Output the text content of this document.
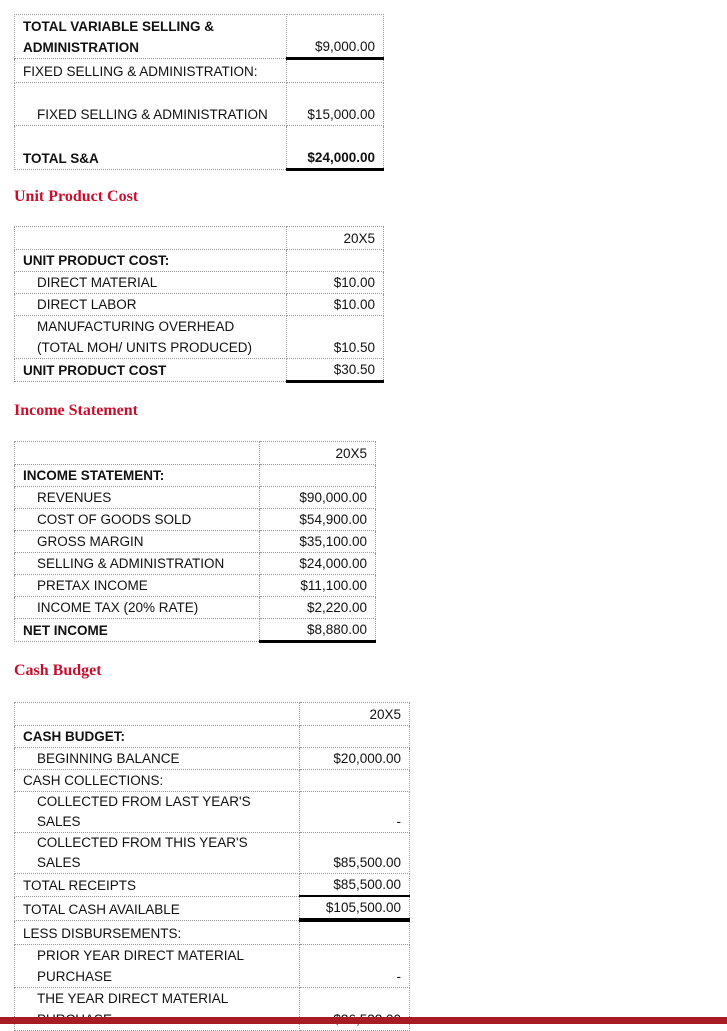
TOTAL VARIABLE SELLING & ADMINISTRATION	$9,000.00
FIXED SELLING & ADMINISTRATION:	
FIXED SELLING & ADMINISTRATION	$15,000.00
TOTAL S&A	$24,000.00
Unit Product Cost
	20X5
UNIT PRODUCT COST:	
DIRECT MATERIAL	$10.00
DIRECT LABOR	$10.00

MANUFACTURING OVERHEAD
(TOTAL MOH/ UNITS PRODUCED)	$10.50
UNIT PRODUCT COST	$30.50
Income Statement
	20X5
INCOME STATEMENT:	
REVENUES	$90,000.00
COST OF GOODS SOLD	$54,900.00
GROSS MARGIN	$35,100.00
SELLING & ADMINISTRATION	$24,000.00
PRETAX INCOME	$11,100.00
INCOME TAX (20% RATE)	$2,220.00
NET INCOME	$8,880.00
Cash Budget
	20X5
CASH BUDGET:	
BEGINNING BALANCE	$20,000.00
CASH COLLECTIONS:	
COLLECTED FROM LAST YEAR'S SALES	-
COLLECTED FROM THIS YEAR'S SALES	$85,500.00
TOTAL RECEIPTS	$85,500.00
TOTAL CASH AVAILABLE	$105,500.00
LESS DISBURSEMENTS:	

PRIOR YEAR DIRECT MATERIAL
PURCHASE	-

THE YEAR DIRECT MATERIAL
